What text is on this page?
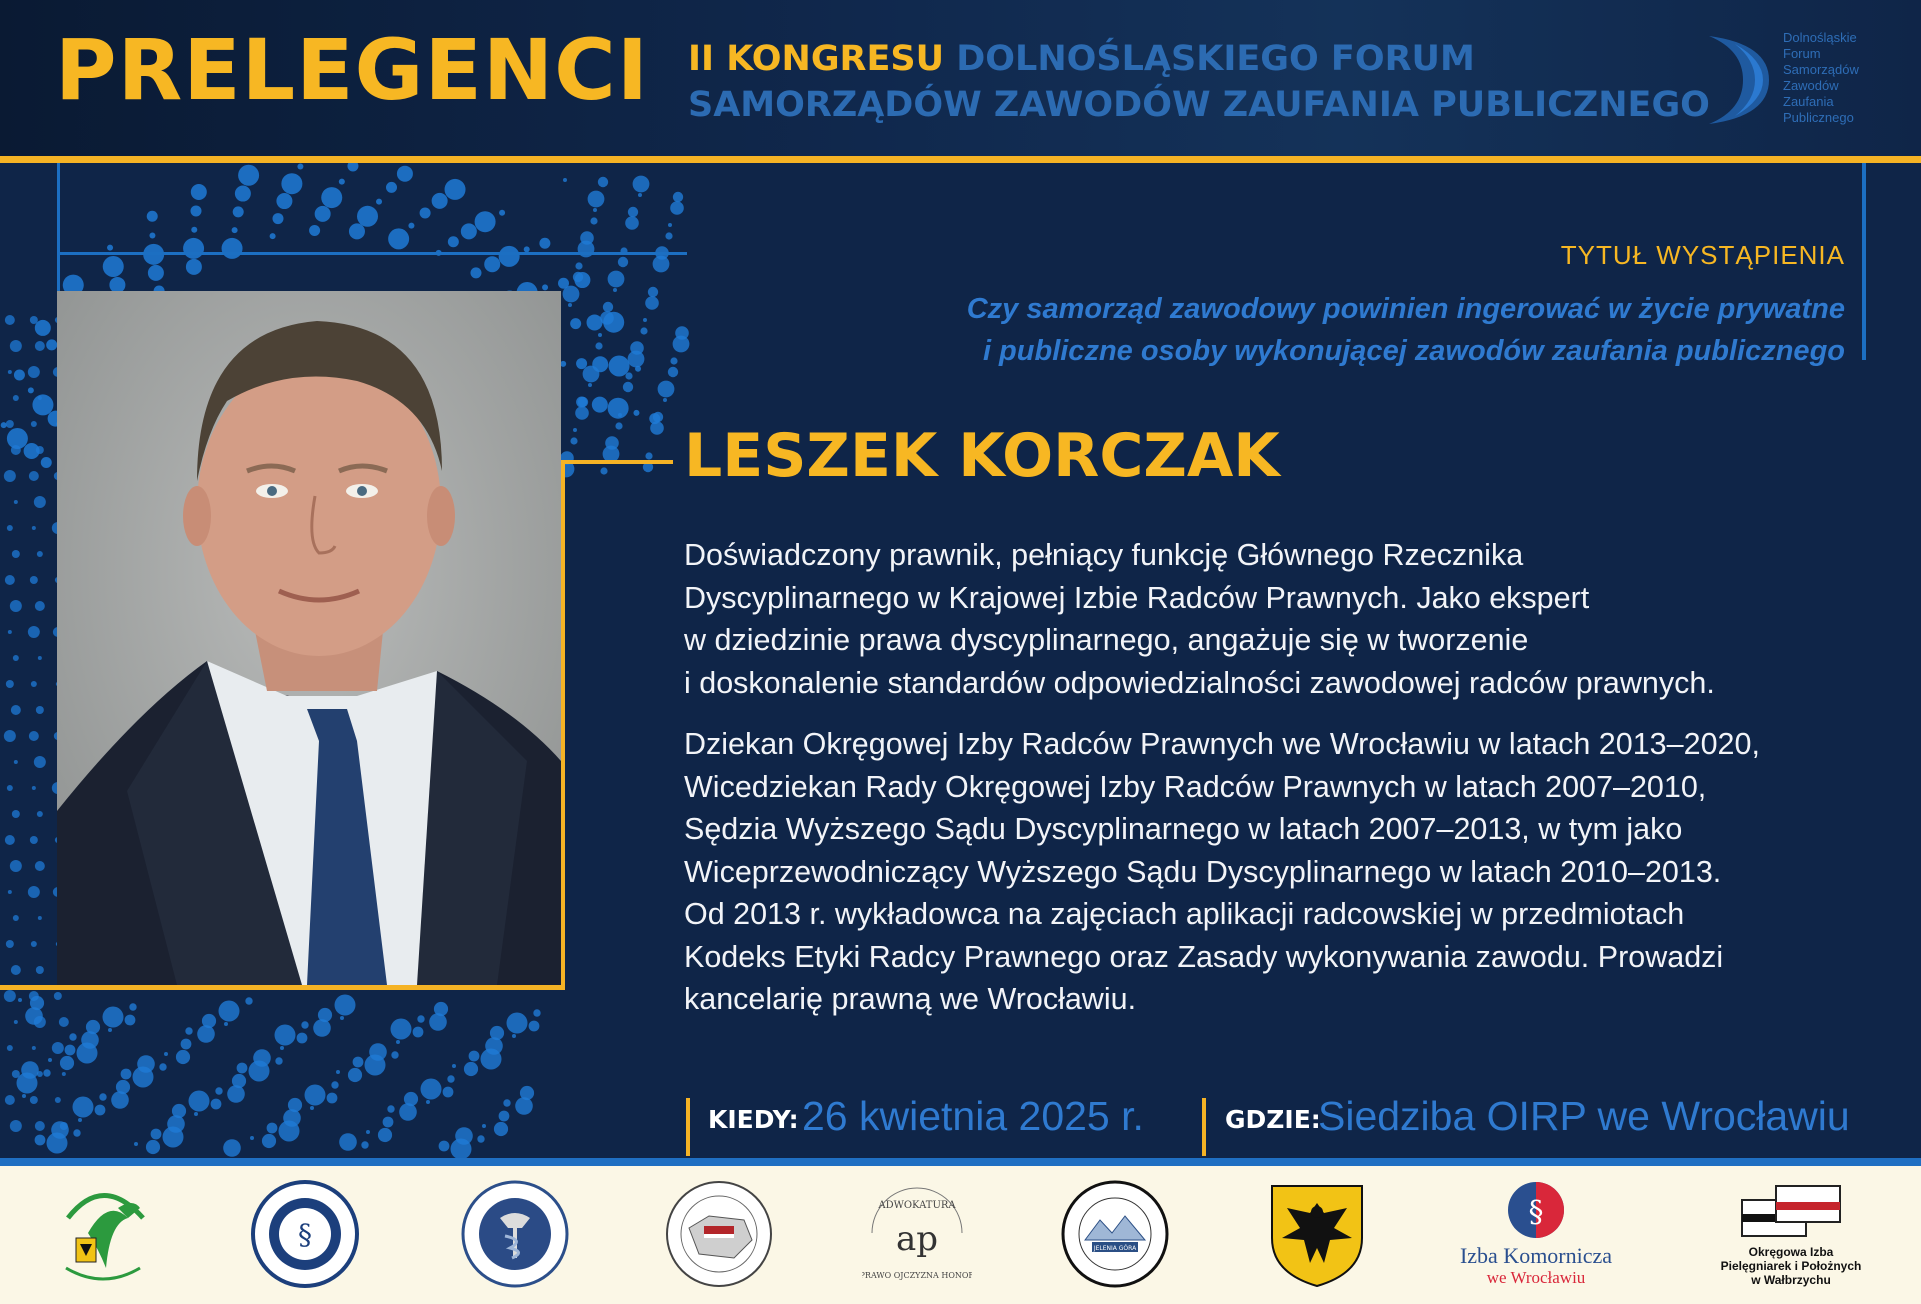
PRELEGENCI II KONGRESU DOLNOŚLĄSKIEGO FORUM
SAMORZĄDÓW ZAWODÓW ZAUFANIA PUBLICZNEGO
Dolnośląskie
Forum
Samorządów
Zawodów
Zaufania
Publicznego
TYTUŁ WYSTĄPIENIA
Czy samorząd zawodowy powinien ingerować w życie prywatne
i publiczne osoby wykonującej zawodów zaufania publicznego
LESZEK KORCZAK
Doświadczony prawnik, pełniący funkcję Głównego Rzecznika
Dyscyplinarnego w Krajowej Izbie Radców Prawnych. Jako ekspert
w dziedzinie prawa dyscyplinarnego, angażuje się w tworzenie
i doskonalenie standardów odpowiedzialności zawodowej radców prawnych.
Dziekan Okręgowej Izby Radców Prawnych we Wrocławiu w latach 2013–2020,
Wicedziekan Rady Okręgowej Izby Radców Prawnych w latach 2007–2010,
Sędzia Wyższego Sądu Dyscyplinarnego w latach 2007–2013, w tym jako
Wiceprzewodniczący Wyższego Sądu Dyscyplinarnego w latach 2010–2013.
Od 2013 r. wykładowca na zajęciach aplikacji radcowskiej w przedmiotach
Kodeks Etyki Radcy Prawnego oraz Zasady wykonywania zawodu. Prowadzi
kancelarię prawną we Wrocławiu.
KIEDY: 26 kwietnia 2025 r.	GDZIE:
Siedziba OIRP we Wrocławiu
§
ADWOKATURA
ap
PRAWO OJCZYZNA HONOR
JELENIA GÓRA
§
Izba Komornicza
we Wrocławiu
Okręgowa Izba
Pielęgniarek i Położnych
w Wałbrzychu
